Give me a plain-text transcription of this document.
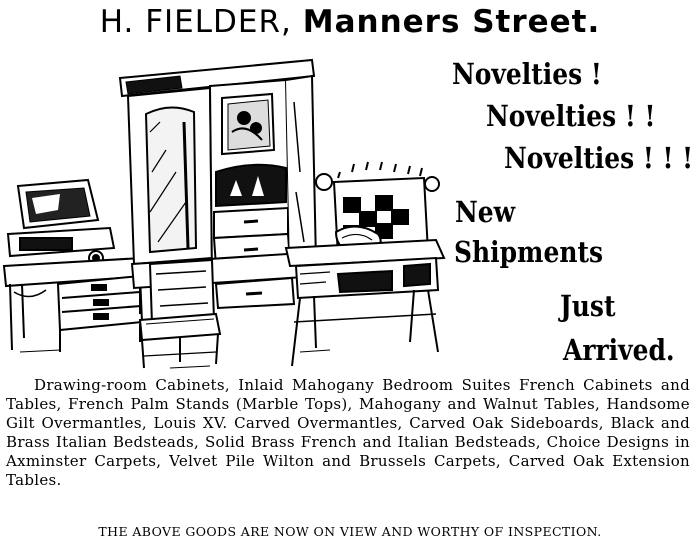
H. FIELDER, Manners Street.
Novelties !
Novelties ! !
Novelties ! ! !
New
Shipments
Just
Arrived.
Drawing-room Cabinets, Inlaid Mahogany Bedroom Suites French Cabinets and Tables, French Palm Stands (Marble Tops), Mahogany and Walnut Tables, Handsome Gilt Overmantles, Louis XV. Carved Overmantles, Carved Oak Sideboards, Black and Brass Italian Bedsteads, Solid Brass French and Italian Bedsteads, Choice Designs in Axminster Carpets, Velvet Pile Wilton and Brussels Carpets, Carved Oak Extension Tables.
THE ABOVE GOODS ARE NOW ON VIEW AND WORTHY OF INSPECTION.
